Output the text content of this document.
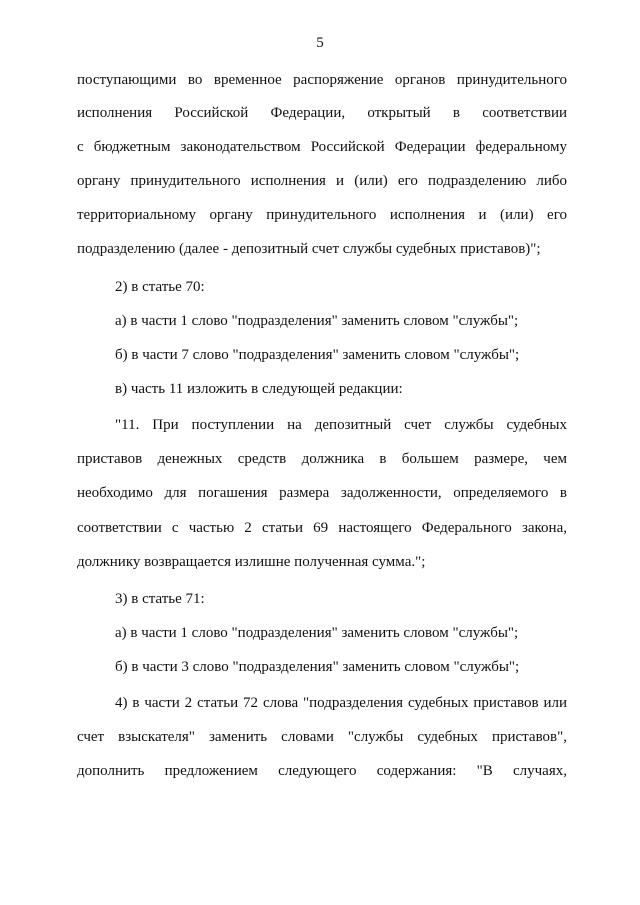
5
поступающими во временное распоряжение органов принудительного
исполнения Российской Федерации, открытый в соответствии
с бюджетным законодательством Российской Федерации федеральному
органу принудительного исполнения и (или) его подразделению либо
территориальному органу принудительного исполнения и (или) его
подразделению (далее - депозитный счет службы судебных приставов)";
2) в статье 70:
а) в части 1 слово "подразделения" заменить словом "службы";
б) в части 7 слово "подразделения" заменить словом "службы";
в) часть 11 изложить в следующей редакции:
"11. При поступлении на депозитный счет службы судебных
приставов денежных средств должника в большем размере, чем
необходимо для погашения размера задолженности, определяемого в
соответствии с частью 2 статьи 69 настоящего Федерального закона,
должнику возвращается излишне полученная сумма.";
3) в статье 71:
а) в части 1 слово "подразделения" заменить словом "службы";
б) в части 3 слово "подразделения" заменить словом "службы";
4) в части 2 статьи 72 слова "подразделения судебных приставов или
счет взыскателя" заменить словами "службы судебных приставов",
дополнить предложением следующего содержания: "В случаях,
